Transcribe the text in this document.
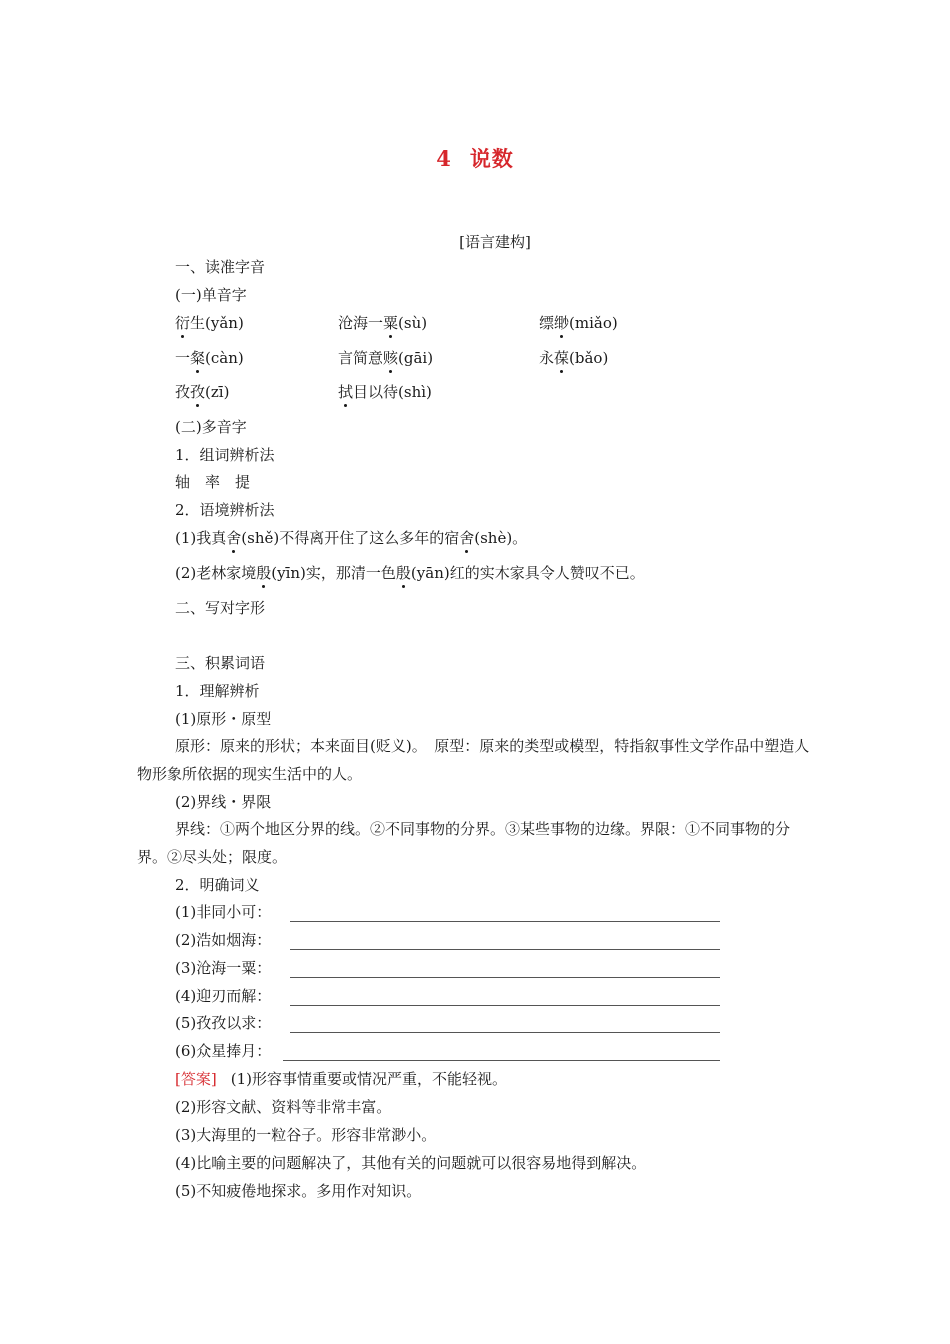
4 说数
[语言建构]
一、读准字音
(一)单音字
衍生(yǎn)	沧海一粟(sù)	缥缈(miǎo)
一粲(càn)	言简意赅(gāi)	永葆(bǎo)
孜孜(zī)	拭目以待(shì)
(二)多音字
1．组词辨析法
轴　率　提
2．语境辨析法
(1)我真舍(shě)不得离开住了这么多年的宿舍(shè)。
(2)老林家境殷(yīn)实，那清一色殷(yān)红的实木家具令人赞叹不已。
二、写对字形
三、积累词语
1．理解辨析
(1)原形・原型
原形：原来的形状；本来面目(贬义)。　原型：原来的类型或模型，特指叙事性文学作品中塑造人物形象所依据的现实生活中的人。
(2)界线・界限
界线：①两个地区分界的线。②不同事物的分界。③某些事物的边缘。界限：①不同事物的分界。②尽头处；限度。
2．明确词义
(1)非同小可：
(2)浩如烟海：
(3)沧海一粟：
(4)迎刃而解：
(5)孜孜以求：
(6)众星捧月：
[答案] (1)形容事情重要或情况严重，不能轻视。
(2)形容文献、资料等非常丰富。
(3)大海里的一粒谷子。形容非常渺小。
(4)比喻主要的问题解决了，其他有关的问题就可以很容易地得到解决。
(5)不知疲倦地探求。多用作对知识。
